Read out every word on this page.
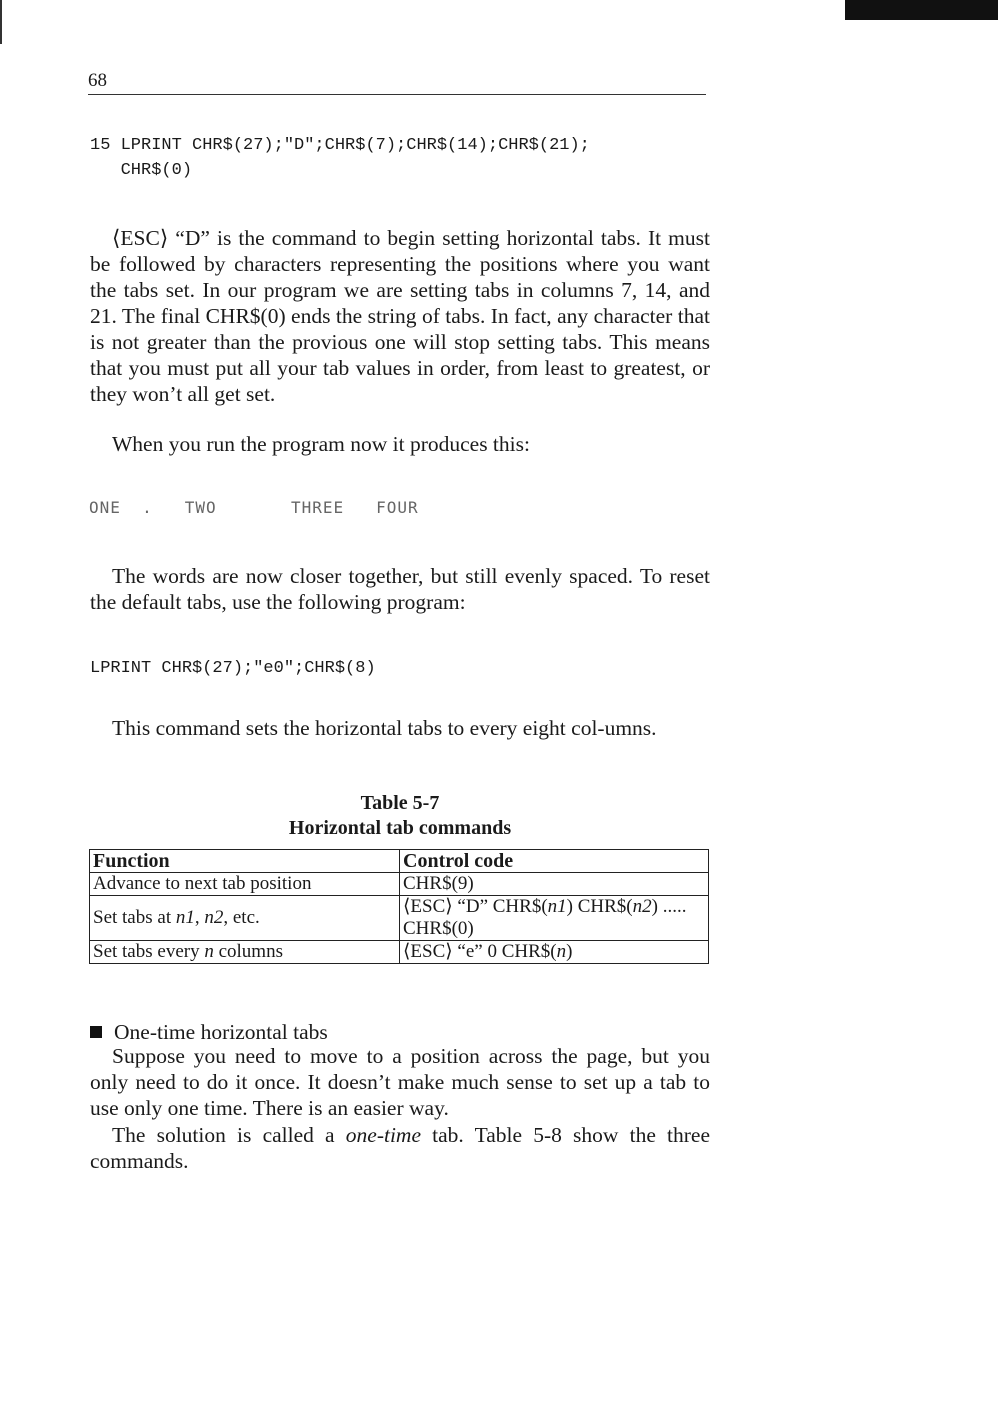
68
15 LPRINT CHR$(27);"D";CHR$(7);CHR$(14);CHR$(21);
CHR$(0)
⟨ESC⟩ “D” is the command to begin setting horizontal tabs. It must be followed by characters representing the positions where you want the tabs set. In our program we are setting tabs in columns 7, 14, and 21. The final CHR$(0) ends the string of tabs. In fact, any character that is not greater than the provious one will stop setting tabs. This means that you must put all your tab values in order, from least to greatest, or they won’t all get set.
When you run the program now it produces this:
ONE  .   TWO       THREE   FOUR
The words are now closer together, but still evenly spaced. To reset the default tabs, use the following program:
LPRINT CHR$(27);"e0";CHR$(8)
This command sets the horizontal tabs to every eight col-umns.
Table 5-7
Horizontal tab commands
Function	Control code
Advance to next tab position	CHR$(9)
Set tabs at n1, n2, etc.	⟨ESC⟩ “D” CHR$(n1) CHR$(n2) .....
CHR$(0)

Set tabs every n columns	⟨ESC⟩ “e” 0 CHR$(n)
One-time horizontal tabs
Suppose you need to move to a position across the page, but you only need to do it once. It doesn’t make much sense to set up a tab to use only one time. There is an easier way.
The solution is called a one-time tab. Table 5-8 show the three commands.
